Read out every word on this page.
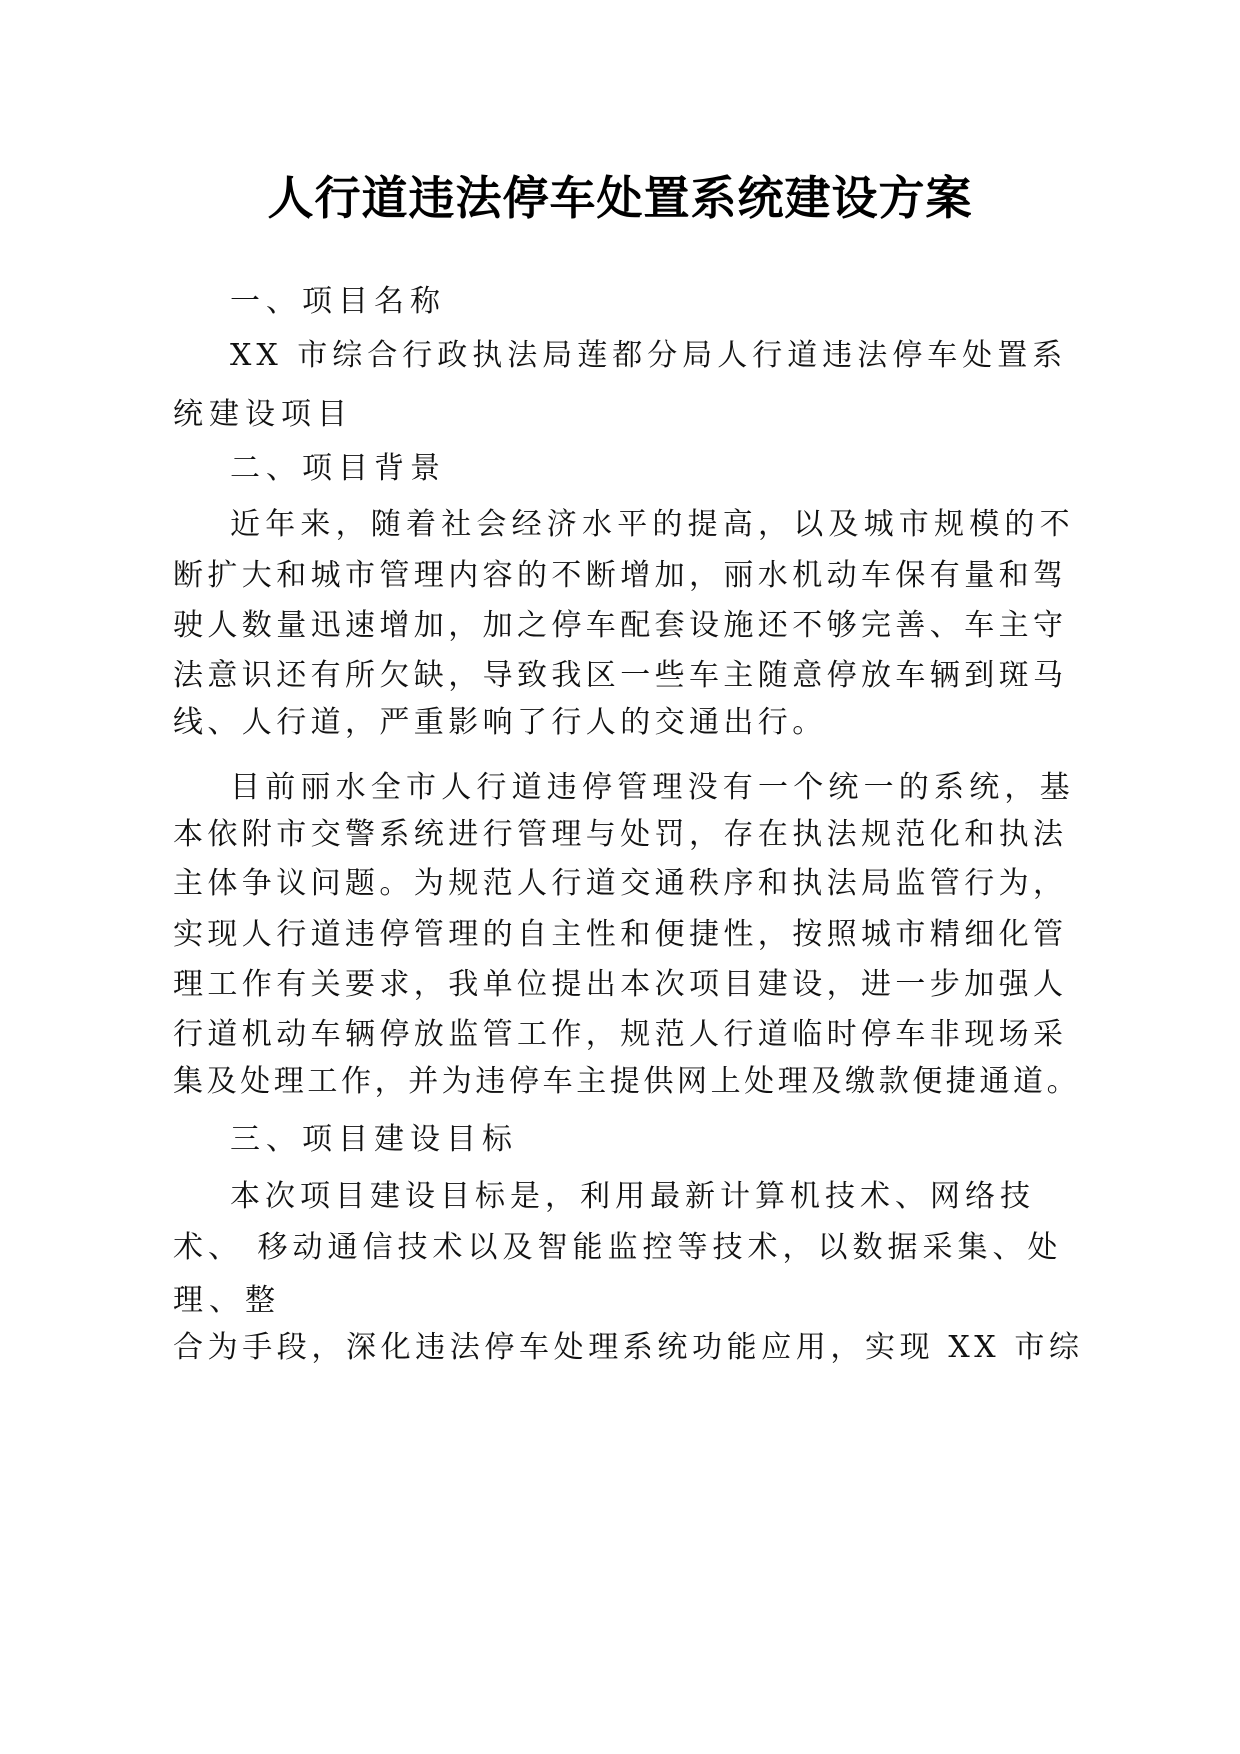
人行道违法停车处置系统建设方案
一、项目名称
XX 市综合行政执法局莲都分局人行道违法停车处置系
统建设项目
二、项目背景
近年来，随着社会经济水平的提高，以及城市规模的不
断扩大和城市管理内容的不断增加，丽水机动车保有量和驾
驶人数量迅速增加，加之停车配套设施还不够完善、车主守
法意识还有所欠缺，导致我区一些车主随意停放车辆到斑马
线、人行道，严重影响了行人的交通出行。
目前丽水全市人行道违停管理没有一个统一的系统，基
本依附市交警系统进行管理与处罚，存在执法规范化和执法
主体争议问题。为规范人行道交通秩序和执法局监管行为，
实现人行道违停管理的自主性和便捷性，按照城市精细化管
理工作有关要求，我单位提出本次项目建设，进一步加强人
行道机动车辆停放监管工作，规范人行道临时停车非现场采
集及处理工作，并为违停车主提供网上处理及缴款便捷通道。
三、项目建设目标
本次项目建设目标是，利用最新计算机技术、网络技
术、 移动通信技术以及智能监控等技术，以数据采集、处
理、整
合为手段，深化违法停车处理系统功能应用，实现 XX 市综
